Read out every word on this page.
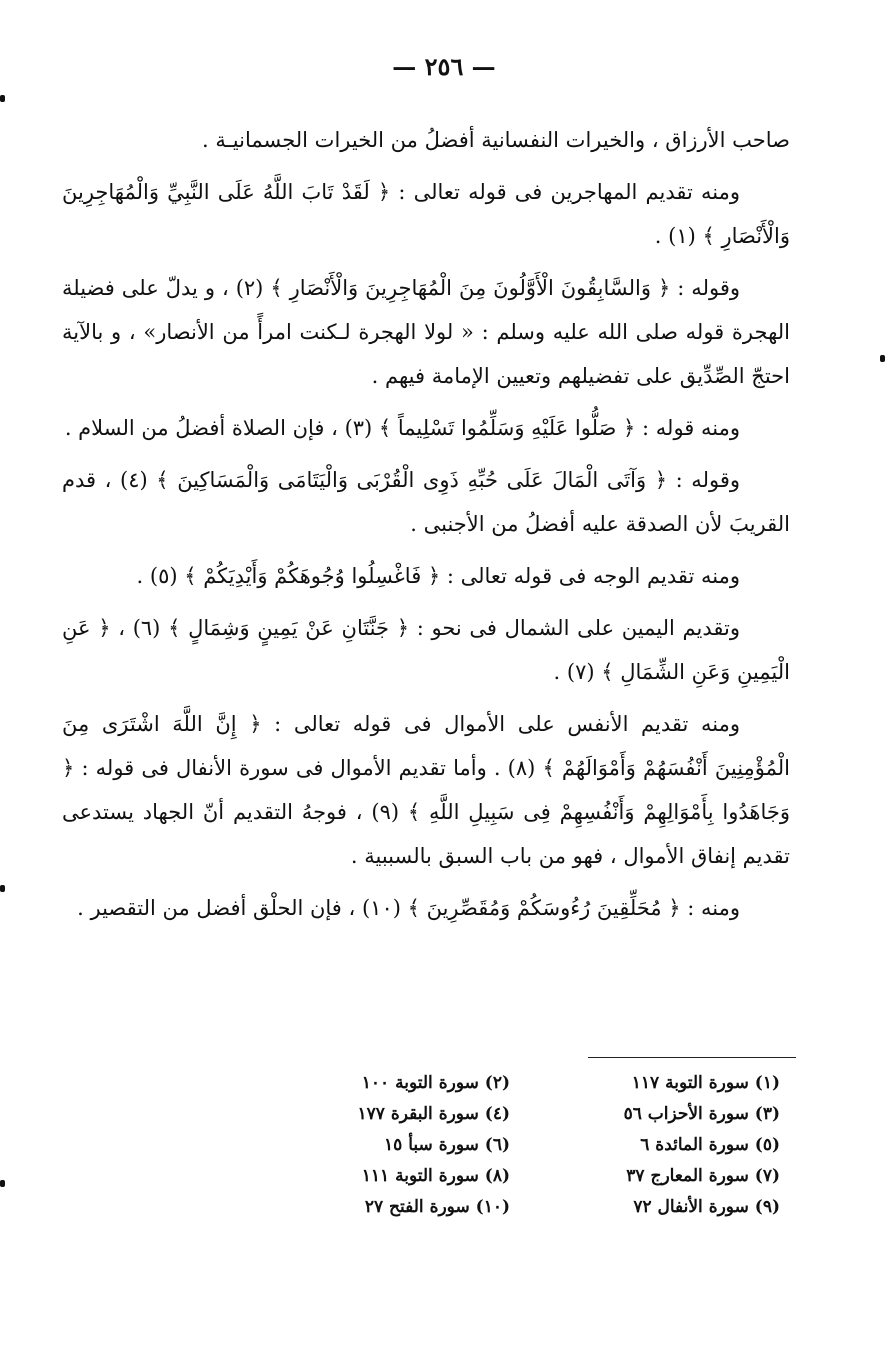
— ٢٥٦ —

صاحب الأرزاق ، والخيرات النفسانية أفضلُ من الخيرات الجسمانيـة .

ومنه تقديم المهاجرين فى قوله تعالى : ﴿ لَقَدْ تَابَ اللَّهُ عَلَى النَّبِيِّ وَالْمُهَاجِرِينَ وَالْأَنْصَارِ ﴾ (١) .

وقوله : ﴿ وَالسَّابِقُونَ الْأَوَّلُونَ مِنَ الْمُهَاجِرِينَ وَالْأَنْصَارِ ﴾ (٢) ، و يدلّ على فضيلة الهجرة قوله صلى الله عليه وسلم : « لولا الهجرة لـكنت امرأً من الأنصار» ، و بالآية احتجّ الصِّدِّيق على تفضيلهم وتعيين الإمامة فيهم .

ومنه قوله : ﴿ صَلُّوا عَلَيْهِ وَسَلِّمُوا تَسْلِيماً ﴾ (٣) ، فإن الصلاة أفضلُ من السلام .

وقوله : ﴿ وَآتَى الْمَالَ عَلَى حُبِّهِ ذَوِى الْقُرْبَى وَالْيَتَامَى وَالْمَسَاكِينَ ﴾ (٤) ، قدم القريبَ لأن الصدقة عليه أفضلُ من الأجنبى .

ومنه تقديم الوجه فى قوله تعالى : ﴿ فَاغْسِلُوا وُجُوهَكُمْ وَأَيْدِيَكُمْ ﴾ (٥) .

وتقديم اليمين على الشمال فى نحو : ﴿ جَنَّتَانِ عَنْ يَمِينٍ وَشِمَالٍ ﴾ (٦) ، ﴿ عَنِ الْيَمِينِ وَعَنِ الشِّمَالِ ﴾ (٧) .

ومنه تقديم الأنفس على الأموال فى قوله تعالى : ﴿ إِنَّ اللَّهَ اشْتَرَى مِنَ الْمُؤْمِنِينَ أَنْفُسَهُمْ وَأَمْوَالَهُمْ ﴾ (٨) . وأما تقديم الأموال فى سورة الأنفال فى قوله : ﴿ وَجَاهَدُوا بِأَمْوَالِهِمْ وَأَنْفُسِهِمْ فِى سَبِيلِ اللَّهِ ﴾ (٩) ، فوجهُ التقديم أنّ الجهاد يستدعى تقديم إنفاق الأموال ، فهو من باب السبق بالسببية .

ومنه : ﴿ مُحَلِّقِينَ رُءُوسَكُمْ وَمُقَصِّرِينَ ﴾ (١٠) ، فإن الحلْق أفضل من التقصير .

(١) سورة التوبة ١١٧
(٢) سورة التوبة ١٠٠
(٣) سورة الأحزاب ٥٦
(٤) سورة البقرة ١٧٧
(٥) سورة المائدة ٦
(٦) سورة سبأ ١٥
(٧) سورة المعارج ٣٧
(٨) سورة التوبة ١١١
(٩) سورة الأنفال ٧٢
(١٠) سورة الفتح ٢٧
